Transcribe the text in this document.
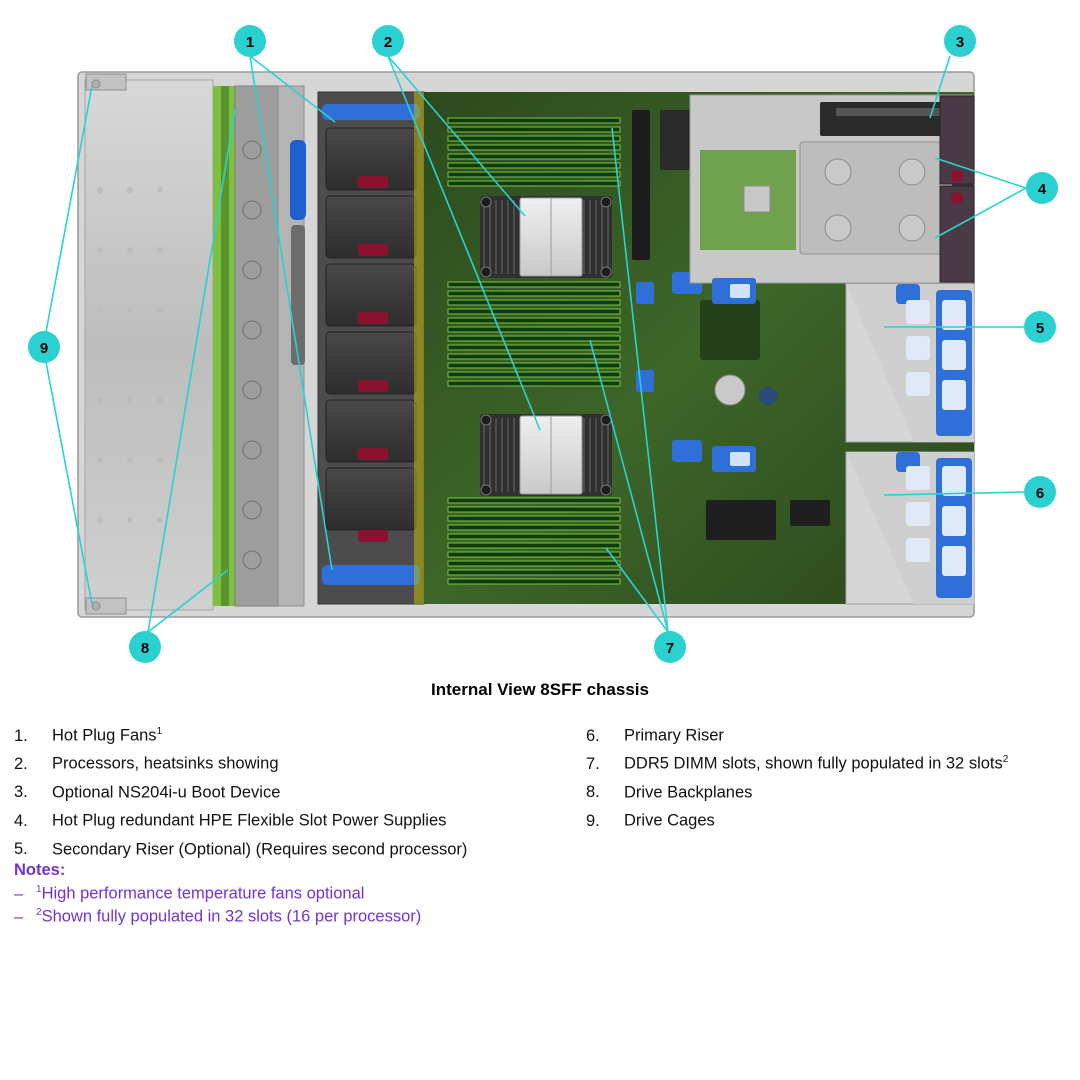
1	2	3
4
5
6
7
8
9
Internal View 8SFF chassis
1.	Hot Plug Fans$^1$
2.	Processors, heatsinks showing
3.	Optional NS204i-u Boot Device
4.	Hot Plug redundant HPE Flexible Slot Power Supplies
5.	Secondary Riser (Optional) (Requires second processor)
6.	Primary Riser
7.	DDR5 DIMM slots, shown fully populated in 32 slots$^2$
8.	Drive Backplanes
9.	Drive Cages
Notes:
–	$^1$High performance temperature fans optional
–	$^2$Shown fully populated in 32 slots (16 per processor)
